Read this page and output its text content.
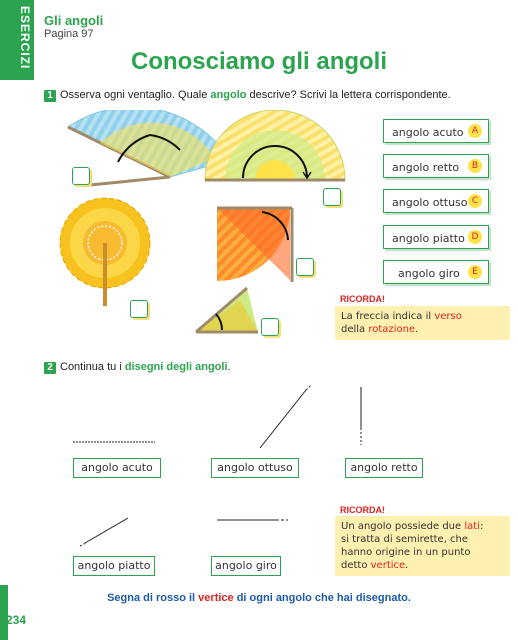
ESERCIZI Gli angoli
Pagina 97
Conosciamo gli angoli
1 Osserva ogni ventaglio. Quale angolo descrive? Scrivi la lettera corrispondente.
angolo acuto A
angolo retto	B
angolo ottuso C
angolo piatto D
angolo giro	E
RICORDA!
La freccia indica il verso
della rotazione.
2 Continua tu i disegni degli angoli.
angolo acuto	angolo ottuso	angolo retto
angolo piatto	angolo giro
RICORDA!
Un angolo possiede due lati:
si tratta di semirette, che
hanno origine in un punto
detto vertice.
Segna di rosso il vertice di ogni angolo che hai disegnato.
234
